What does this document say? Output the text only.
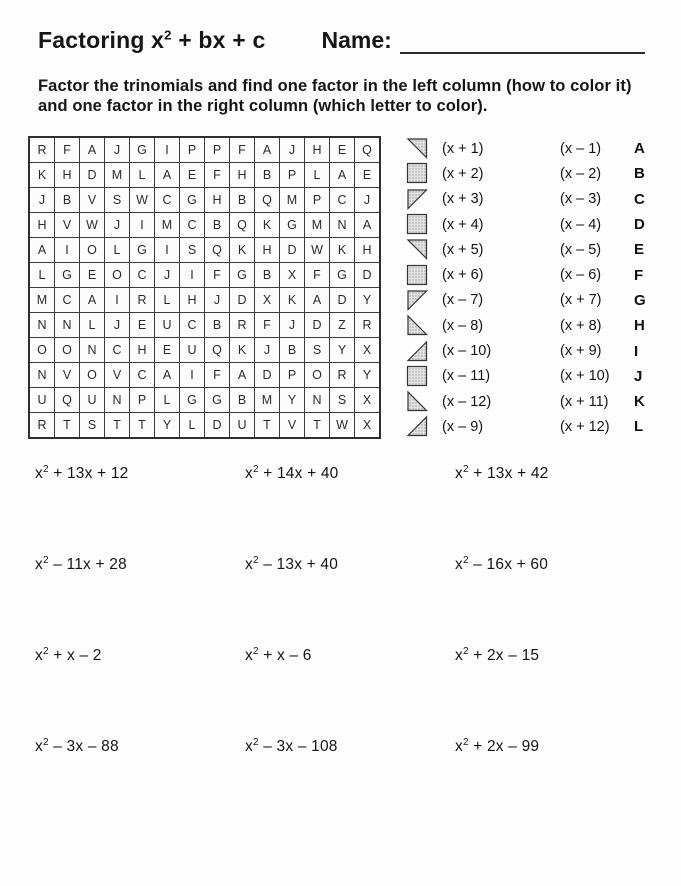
Factoring $x^2$ + bx + c Name:

Factor the trinomials and find one factor in the left column (how to color it) and one factor in the right column (which letter to color).

R	F	A	J	G	I	P	P	F	A	J	H	E	Q
K	H	D	M	L	A	E	F	H	B	P	L	A	E
J	B	V	S	W	C	G	H	B	Q	M	P	C	J
H	V	W	J	I	M	C	B	Q	K	G	M	N	A
A	I	O	L	G	I	S	Q	K	H	D	W	K	H
L	G	E	O	C	J	I	F	G	B	X	F	G	D
M	C	A	I	R	L	H	J	D	X	K	A	D	Y
N	N	L	J	E	U	C	B	R	F	J	D	Z	R
O	O	N	C	H	E	U	Q	K	J	B	S	Y	X
N	V	O	V	C	A	I	F	A	D	P	O	R	Y
U	Q	U	N	P	L	G	G	B	M	Y	N	S	X
R	T	S	T	T	Y	L	D	U	T	V	T	W	X
(x + 1)	(x – 1)	A
(x + 2)	(x – 2)	B
(x + 3)	(x – 3)	C
(x + 4)	(x – 4)	D
(x + 5)	(x – 5)	E
(x + 6)	(x – 6)	F
(x – 7)	(x + 7)	G
(x – 8)	(x + 8)	H
(x – 10)	(x + 9)	I
(x – 11)	(x + 10)	J
(x – 12)	(x + 11)	K
(x – 9)	(x + 12)	L
$x^2 + 13x + 12$	$x^2 + 14x + 40$	$x^2 + 13x + 42$
$x^2 - 11x + 28$	$x^2 - 13x + 40$	$x^2 - 16x + 60$
$x^2 + x - 2$	$x^2 + x - 6$	$x^2 + 2x - 15$
$x^2 - 3x - 88$	$x^2 - 3x - 108$	$x^2 + 2x - 99$
